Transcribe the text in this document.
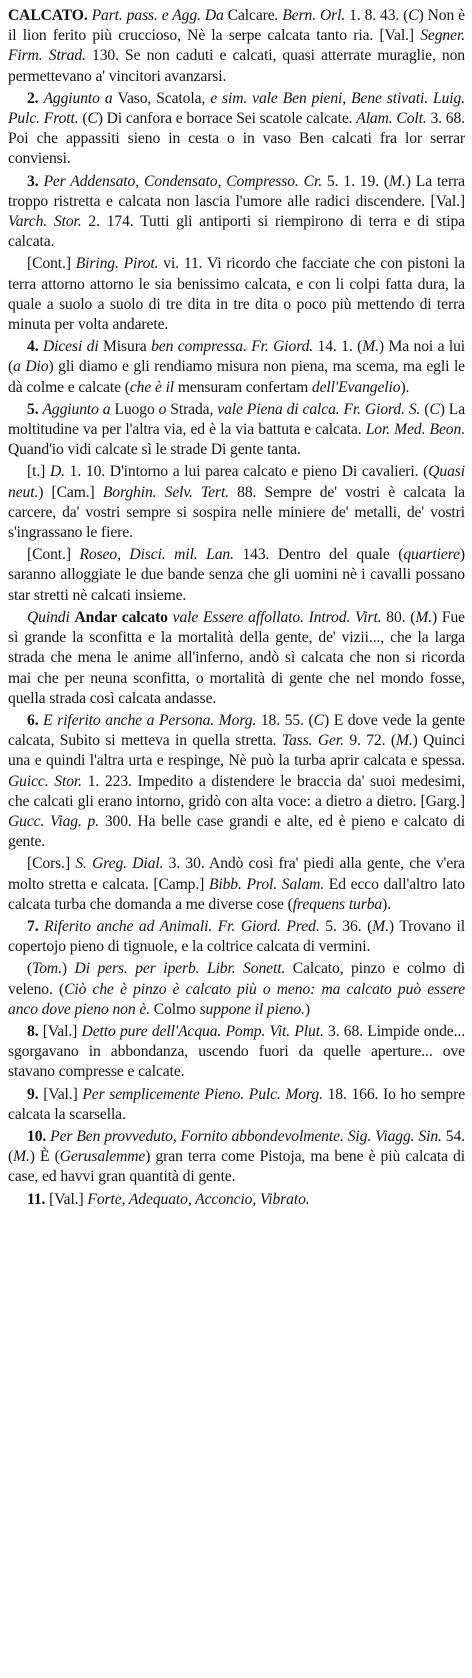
CALCATO. Part. pass. e Agg. Da Calcare. Bern. Orl. 1. 8. 43. (C) Non è il lion ferito più cruccioso, Nè la serpe calcata tanto ria. [Val.] Segner. Firm. Strad. 130. Se non caduti e calcati, quasi atterrate muraglie, non permettevano a' vincitori avanzarsi.

2. Aggiunto a Vaso, Scatola, e sim. vale Ben pieni, Bene stivati. Luig. Pulc. Frott. (C) Di canfora e borrace Sei scatole calcate. Alam. Colt. 3. 68. Poi che appassiti sieno in cesta o in vaso Ben calcati fra lor serrar conviensi.

3. Per Addensato, Condensato, Compresso. Cr. 5. 1. 19. (M.) La terra troppo ristretta e calcata non lascia l'umore alle radici discendere. [Val.] Varch. Stor. 2. 174. Tutti gli antiporti si riempirono di terra e di stipa calcata.

[Cont.] Biring. Pirot. vi. 11. Vi ricordo che facciate che con pistoni la terra attorno attorno le sia benissimo calcata, e con li colpi fatta dura, la quale a suolo a suolo di tre dita in tre dita o poco più mettendo di terra minuta per volta andarete.

4. Dicesi di Misura ben compressa. Fr. Giord. 14. 1. (M.) Ma noi a lui (a Dio) gli diamo e gli rendiamo misura non piena, ma scema, ma egli le dà colme e calcate (che è il mensuram confertam dell'Evangelio).

5. Aggiunto a Luogo o Strada, vale Piena di calca. Fr. Giord. S. (C) La moltitudine va per l'altra via, ed è la via battuta e calcata. Lor. Med. Beon. Quand'io vidi calcate sì le strade Di gente tanta.

[t.] D. 1. 10. D'intorno a lui parea calcato e pieno Di cavalieri. (Quasi neut.) [Cam.] Borghin. Selv. Tert. 88. Sempre de' vostri è calcata la carcere, da' vostri sempre si sospira nelle miniere de' metalli, de' vostri s'ingrassano le fiere.

[Cont.] Roseo, Disci. mil. Lan. 143. Dentro del quale (quartiere) saranno alloggiate le due bande senza che gli uomini nè i cavalli possano star stretti nè calcati insieme.

Quindi Andar calcato vale Essere affollato. Introd. Virt. 80. (M.) Fue sì grande la sconfitta e la mortalità della gente, de' vizii..., che la larga strada che mena le anime all'inferno, andò sì calcata che non si ricorda mai che per neuna sconfitta, o mortalità di gente che nel mondo fosse, quella strada così calcata andasse.

6. E riferito anche a Persona. Morg. 18. 55. (C) E dove vede la gente calcata, Subito si metteva in quella stretta. Tass. Ger. 9. 72. (M.) Quinci una e quindi l'altra urta e respinge, Nè può la turba aprir calcata e spessa. Guicc. Stor. 1. 223. Impedito a distendere le braccia da' suoi medesimi, che calcati gli erano intorno, gridò con alta voce: a dietro a dietro. [Garg.] Gucc. Viag. p. 300. Ha belle case grandi e alte, ed è pieno e calcato di gente.

[Cors.] S. Greg. Dial. 3. 30. Andò così fra' piedi alla gente, che v'era molto stretta e calcata. [Camp.] Bibb. Prol. Salam. Ed ecco dall'altro lato calcata turba che domanda a me diverse cose (frequens turba).

7. Riferito anche ad Animali. Fr. Giord. Pred. 5. 36. (M.) Trovano il copertojo pieno di tignuole, e la coltrice calcata di vermini.

(Tom.) Di pers. per iperb. Libr. Sonett. Calcato, pinzo e colmo di veleno. (Ciò che è pinzo è calcato più o meno: ma calcato può essere anco dove pieno non è. Colmo suppone il pieno.)

8. [Val.] Detto pure dell'Acqua. Pomp. Vit. Plut. 3. 68. Limpide onde... sgorgavano in abbondanza, uscendo fuori da quelle aperture... ove stavano compresse e calcate.

9. [Val.] Per semplicemente Pieno. Pulc. Morg. 18. 166. Io ho sempre calcata la scarsella.

10. Per Ben provveduto, Fornito abbondevolmente. Sig. Viagg. Sin. 54. (M.) È (Gerusalemme) gran terra come Pistoja, ma bene è più calcata di case, ed havvi gran quantità di gente.

11. [Val.] Forte, Adequato, Acconcio, Vibrato.
